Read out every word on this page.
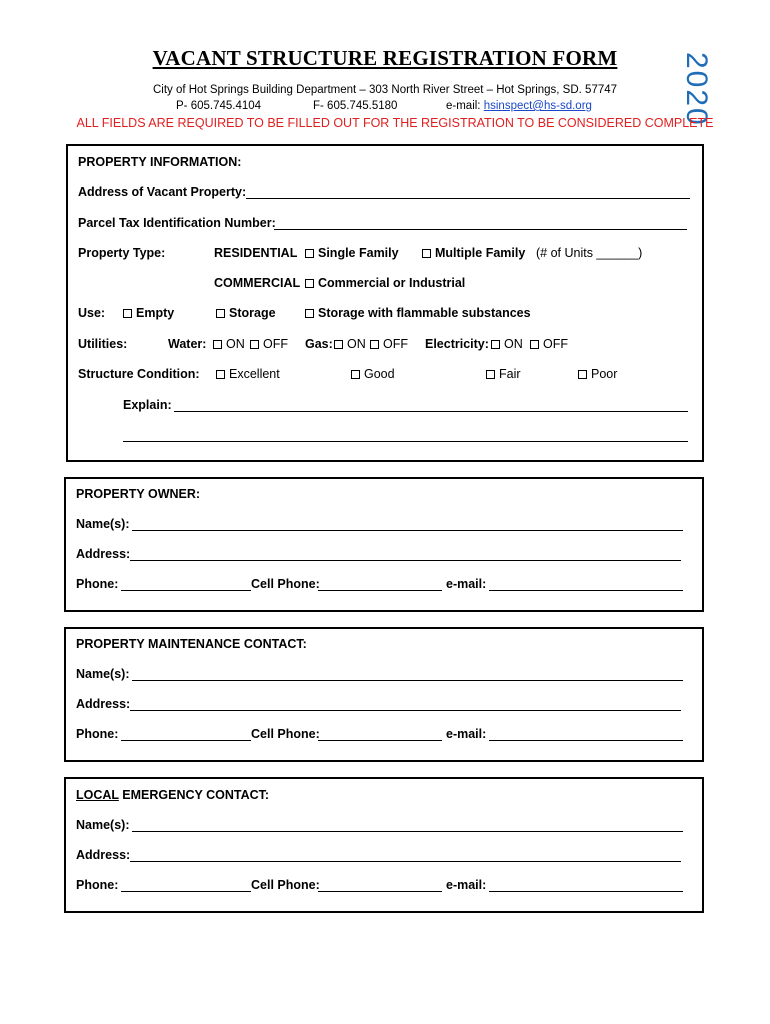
VACANT STRUCTURE REGISTRATION FORM	2020
City of Hot Springs Building Department – 303 North River Street – Hot Springs, SD. 57747
P- 605.745.4104	F- 605.745.5180	e-mail: hsinspect@hs-sd.org
ALL FIELDS ARE REQUIRED TO BE FILLED OUT FOR THE REGISTRATION TO BE CONSIDERED COMPLETE
PROPERTY INFORMATION:
Address of Vacant Property:
Parcel Tax Identification Number:
Property Type:	RESIDENTIAL	Single Family	Multiple Family (# of Units ______)
COMMERCIAL	Commercial or Industrial
Use:	Empty	Storage	Storage with flammable substances
Utilities:	Water:	ON	OFF Gas:	ON	OFF Electricity:	ON	OFF
Structure Condition:	Excellent	Good	Fair	Poor
Explain:
PROPERTY OWNER:
Name(s):
Address:
Phone:	Cell Phone:	e-mail:
PROPERTY MAINTENANCE CONTACT:
Name(s):
Address:
Phone:	Cell Phone:	e-mail:
LOCAL EMERGENCY CONTACT:
Name(s):
Address:
Phone:	Cell Phone:	e-mail:
